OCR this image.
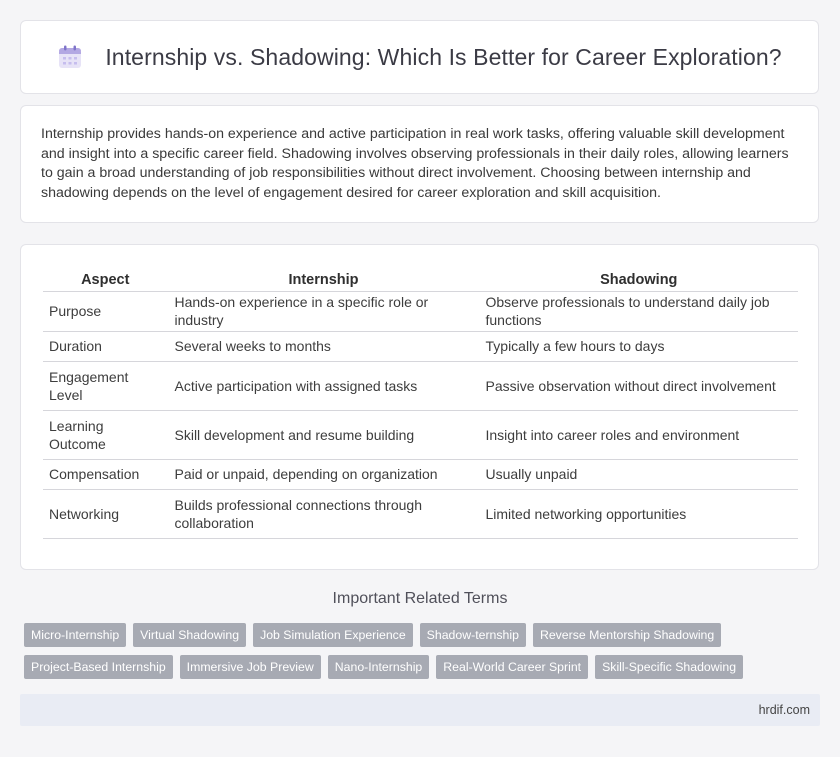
Internship vs. Shadowing: Which Is Better for Career Exploration?

Internship provides hands-on experience and active participation in real work tasks, offering valuable skill development and insight into a specific career field. Shadowing involves observing professionals in their daily roles, allowing learners to gain a broad understanding of job responsibilities without direct involvement. Choosing between internship and shadowing depends on the level of engagement desired for career exploration and skill acquisition.

Aspect	Internship	Shadowing
Purpose	Hands-on experience in a specific role or industry	Observe professionals to understand daily job functions
Duration	Several weeks to months	Typically a few hours to days
Engagement Level	Active participation with assigned tasks	Passive observation without direct involvement
Learning Outcome	Skill development and resume building	Insight into career roles and environment
Compensation	Paid or unpaid, depending on organization	Usually unpaid
Networking	Builds professional connections through collaboration	Limited networking opportunities
Important Related Terms
Micro-Internship	Virtual Shadowing	Job Simulation Experience	Shadow-ternship	Reverse Mentorship Shadowing
Project-Based Internship	Immersive Job Preview	Nano-Internship	Real-World Career Sprint	Skill-Specific Shadowing
hrdif.com
